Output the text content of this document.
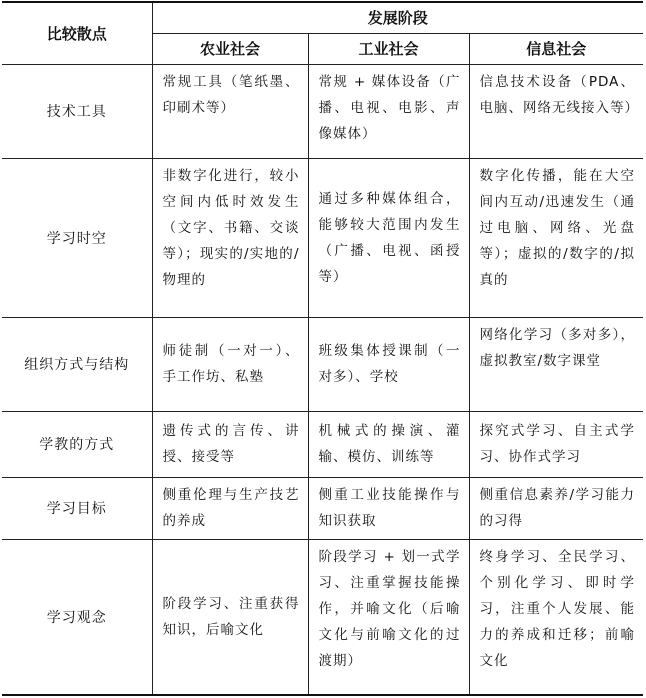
比较散点	发展阶段		
	农业社会	工业社会	信息社会
技术工具	常规工具（笔纸墨、印刷术等）	常规 + 媒体设备（广播、电视、电影、声像媒体）	信息技术设备（PDA、电脑、网络无线接入等）
学习时空	非数字化进行，较小空间内低时效发生（文字、书籍、交谈等）；现实的/实地的/物理的	通过多种媒体组合，能够较大范围内发生（广播、电视、函授等）	数字化传播，能在大空间内互动/迅速发生（通过电脑、网络、光盘等）；虚拟的/数字的/拟真的
组织方式与结构	师徒制（一对一）、手工作坊、私塾	班级集体授课制（一对多）、学校	网络化学习（多对多），虚拟教室/数字课堂
学教的方式	遗传式的言传、讲授、接受等	机械式的操演、灌输、模仿、训练等	探究式学习、自主式学习、协作式学习
学习目标	侧重伦理与生产技艺的养成	侧重工业技能操作与知识获取	侧重信息素养/学习能力的习得
学习观念	阶段学习、注重获得知识，后喻文化	阶段学习 + 划一式学习、注重掌握技能操作，并喻文化（后喻文化与前喻文化的过渡期）	终身学习、全民学习、个别化学习、即时学习，注重个人发展、能力的养成和迁移；前喻文化
